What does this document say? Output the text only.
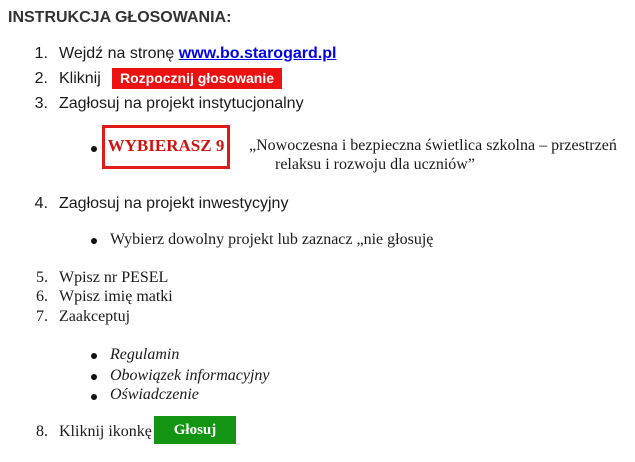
INSTRUKCJA GŁOSOWANIA:
1. Wejdź na stronę www.bo.starogard.pl
2. Kliknij	Rozpocznij głosowanie
3. Zagłosuj na projekt instytucjonalny
WYBIERASZ 9	„Nowoczesna i bezpieczna świetlica szkolna – przestrzeń
relaksu i rozwoju dla uczniów”
4. Zagłosuj na projekt inwestycyjny
Wybierz dowolny projekt lub zaznacz „nie głosuję
5. Wpisz nr PESEL
6. Wpisz imię matki
7. Zaakceptuj
Regulamin
Obowiązek informacyjny
Oświadczenie
8. Kliknij ikonkę	Głosuj
